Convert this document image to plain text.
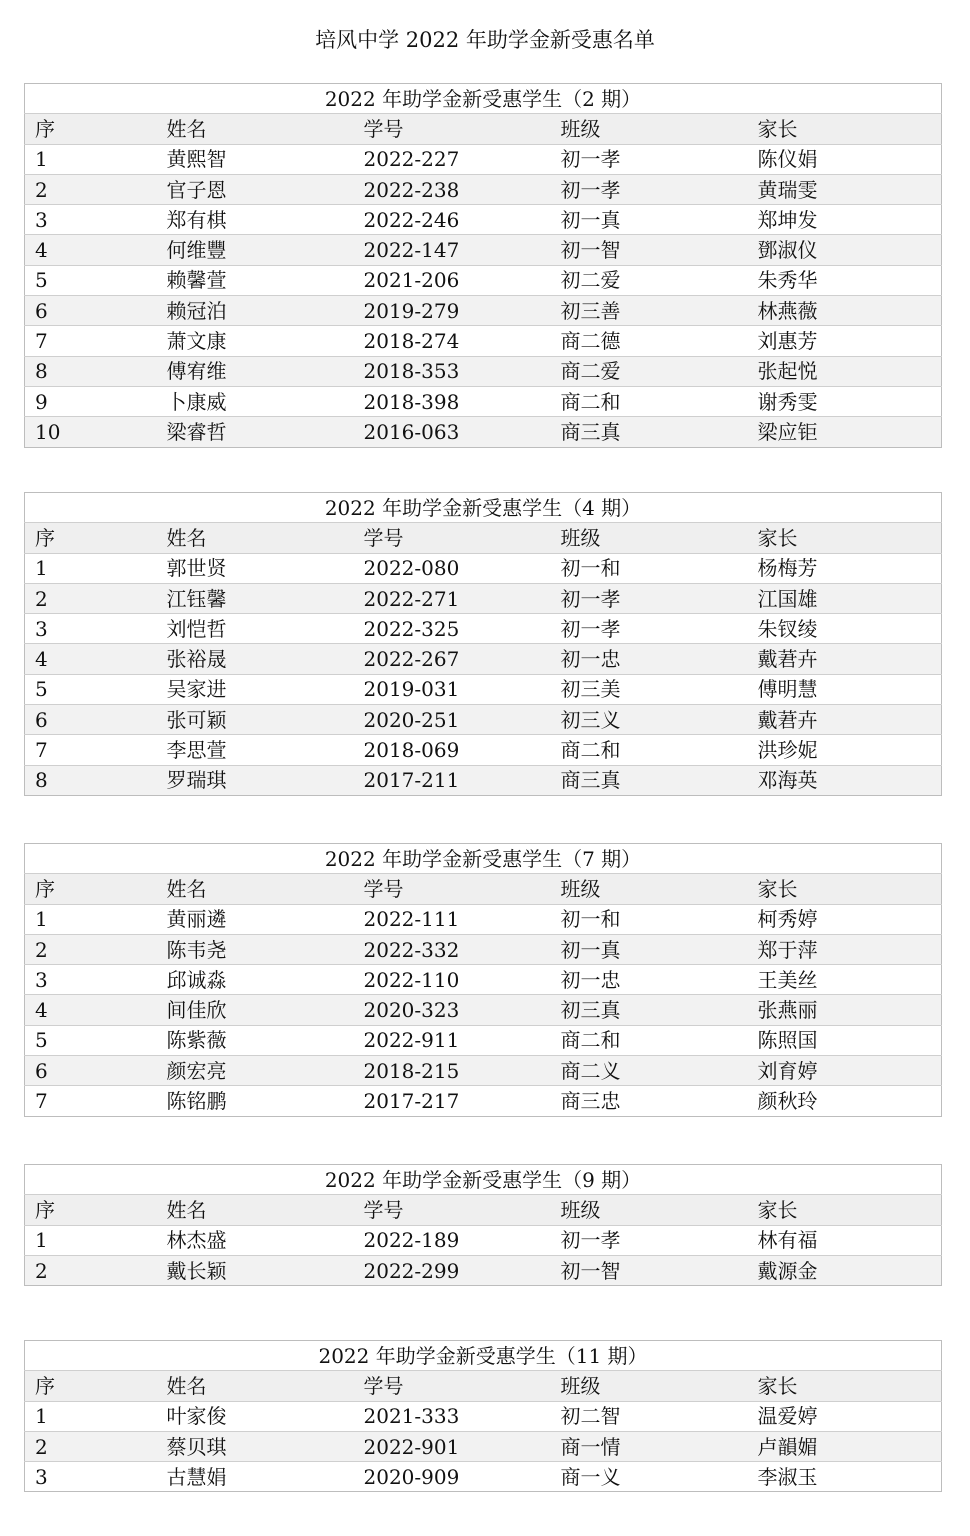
培风中学 2022 年助学金新受惠名单
2022 年助学金新受惠学生（2 期）				
序	姓名	学号	班级	家长
1	黄熙智	2022-227	初一孝	陈仪娟
2	官子恩	2022-238	初一孝	黄瑞雯
3	郑有棋	2022-246	初一真	郑坤发
4	何维豐	2022-147	初一智	鄧淑仪
5	赖馨萱	2021-206	初二爱	朱秀华
6	赖冠泊	2019-279	初三善	林燕薇
7	萧文康	2018-274	商二德	刘惠芳
8	傅宥维	2018-353	商二爱	张起悦
9	卜康威	2018-398	商二和	谢秀雯
10	梁睿哲	2016-063	商三真	梁应钜
2022 年助学金新受惠学生（4 期）				
序	姓名	学号	班级	家长
1	郭世贤	2022-080	初一和	杨梅芳
2	江钰馨	2022-271	初一孝	江国雄
3	刘恺哲	2022-325	初一孝	朱钗绫
4	张裕晟	2022-267	初一忠	戴莙卉
5	吴家进	2019-031	初三美	傅明慧
6	张可颖	2020-251	初三义	戴莙卉
7	李思萱	2018-069	商二和	洪珍妮
8	罗瑞琪	2017-211	商三真	邓海英
2022 年助学金新受惠学生（7 期）				
序	姓名	学号	班级	家长
1	黄丽遴	2022-111	初一和	柯秀婷
2	陈韦尧	2022-332	初一真	郑于萍
3	邱诚淼	2022-110	初一忠	王美丝
4	间佳欣	2020-323	初三真	张燕丽
5	陈紫薇	2022-911	商二和	陈照国
6	颜宏亮	2018-215	商二义	刘育婷
7	陈铭鹏	2017-217	商三忠	颜秋玲
2022 年助学金新受惠学生（9 期）				
序	姓名	学号	班级	家长
1	林杰盛	2022-189	初一孝	林有福
2	戴长颖	2022-299	初一智	戴源金
2022 年助学金新受惠学生（11 期）				
序	姓名	学号	班级	家长
1	叶家俊	2021-333	初二智	温爱婷
2	蔡贝琪	2022-901	商一情	卢韻媚
3	古慧娟	2020-909	商一义	李淑玉
